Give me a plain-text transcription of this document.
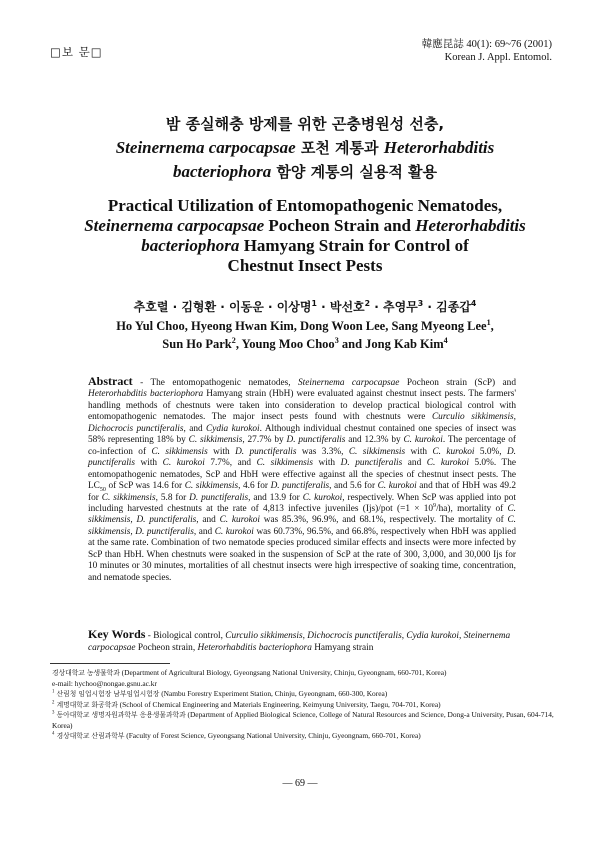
□보 문□
韓應昆誌 40(1): 69~76 (2001)
Korean J. Appl. Entomol.
밤 종실해충 방제를 위한 곤충병원성 선충,
Steinernema carpocapsae 포천 계통과 Heterorhabditis
bacteriophora 함양 계통의 실용적 활용
Practical Utilization of Entomopathogenic Nematodes,
Steinernema carpocapsae Pocheon Strain and Heterorhabditis
bacteriophora Hamyang Strain for Control of
Chestnut Insect Pests
추호렬 · 김형환 · 이동운 · 이상명$^1$ · 박선호$^2$ · 추영무$^3$ · 김종갑$^4$
Ho Yul Choo, Hyeong Hwan Kim, Dong Woon Lee, Sang Myeong Lee$^1$,
Sun Ho Park$^2$, Young Moo Choo$^3$ and Jong Kab Kim$^4$
Abstract - The entomopathogenic nematodes, Steinernema carpocapsae Pocheon strain (ScP) and Heterorhabditis bacteriophora Hamyang strain (HbH) were evaluated against chestnut insect pests. The farmers' handling methods of chestnuts were taken into consideration to develop practical biological control with entomopathogenic nematodes. The major insect pests found with chestnuts were Curculio sikkimensis, Dichocrocis punctiferalis, and Cydia kurokoi. Although individual chestnut contained one species of insect was 58% representing 18% by C. sikkimensis, 27.7% by D. punctiferalis and 12.3% by C. kurokoi. The percentage of co-infection of C. sikkimensis with D. punctiferalis was 3.3%, C. sikkimensis with C. kurokoi 5.0%, D. punctiferalis with C. kurokoi 7.7%, and C. sikkimensis with D. punctiferalis and C. kurokoi 5.0%. The entomopathogenic nematodes, ScP and HbH were effective against all the species of chestnut insect pests. The $LC_{50}$ of ScP was 14.6 for C. sikkimensis, 4.6 for D. punctiferalis, and 5.6 for C. kurokoi and that of HbH was 49.2 for C. sikkimensis, 5.8 for D. punctiferalis, and 13.9 for C. kurokoi, respectively. When ScP was applied into pot including harvested chestnuts at the rate of 4,813 infective juveniles (Ijs)/pot $(=1 \times 10^9/ha)$, mortality of C. sikkimensis, D. punctiferalis, and C. kurokoi was 85.3%, 96.9%, and 68.1%, respectively. The mortality of C. sikkimensis, D. punctiferalis, and C. kurokoi was 60.73%, 96.5%, and 66.8%, respectively when HbH was applied at the same rate. Combination of two nematode species produced similar effects and insects were more infected by ScP than HbH. When chestnuts were soaked in the suspension of ScP at the rate of 300, 3,000, and 30,000 Ijs for 10 minutes or 30 minutes, mortalities of all chestnut insects were high irrespective of soaking time, concentration, and nematode species.
Key Words - Biological control, Curculio sikkimensis, Dichocrocis punctiferalis, Cydia kurokoi, Steinernema carpocapsae Pocheon strain, Heterorhabditis bacteriophora Hamyang strain

경상대학교 농생물학과 (Department of Agricultural Biology, Gyeongsang National University, Chinju, Gyeongnam, 660-701, Korea)

e-mail: hychoo@nongae.gsnu.ac.kr

$^1$ 산림청 임업시험장 남부임업시험장 (Nambu Forestry Experiment Station, Chinju, Gyeongnam, 660-300, Korea)

$^2$ 계명대학교 화공학과 (School of Chemical Engineering and Materials Engineering, Keimyung University, Taegu, 704-701, Korea)

$^3$ 동아대학교 생명자원과학부 응용생물과학과 (Department of Applied Biological Science, College of Natural Resources and Science, Dong-a University, Pusan, 604-714, Korea)

$^4$ 경상대학교 산림과학부 (Faculty of Forest Science, Gyeongsang National University, Chinju, Gyeongnam, 660-701, Korea)

— 69 —
